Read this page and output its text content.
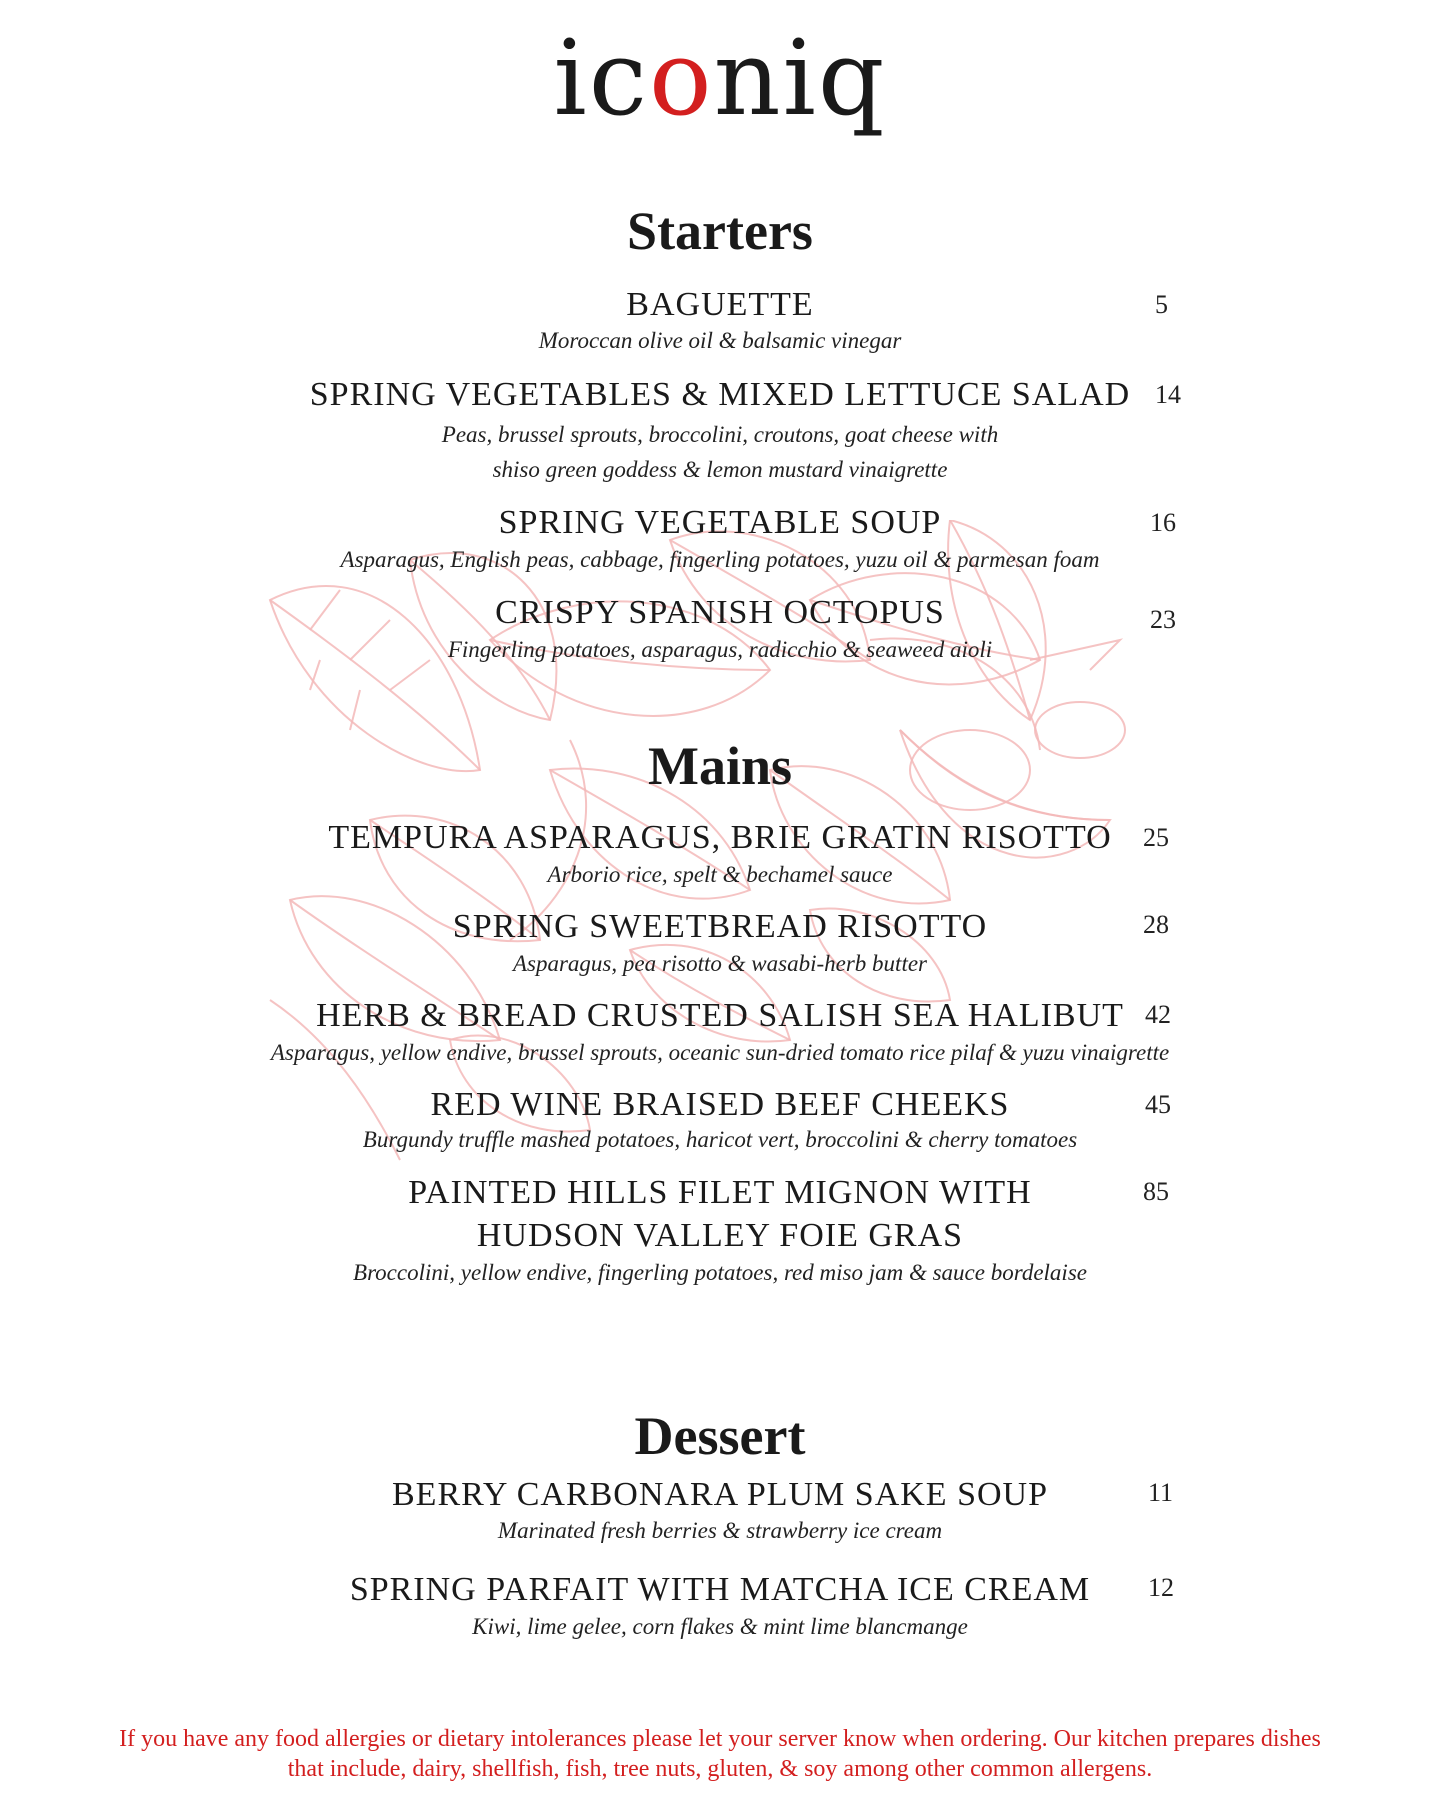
iconiq
Starters
BAGUETTE	5
Moroccan olive oil & balsamic vinegar
SPRING VEGETABLES & MIXED LETTUCE SALAD 14
Peas, brussel sprouts, broccolini, croutons, goat cheese with
shiso green goddess & lemon mustard vinaigrette
SPRING VEGETABLE SOUP	16
Asparagus, English peas, cabbage, fingerling potatoes, yuzu oil & parmesan foam
CRISPY SPANISH OCTOPUS	23
Fingerling potatoes, asparagus, radicchio & seaweed aioli
Mains
TEMPURA ASPARAGUS, BRIE GRATIN RISOTTO	25
Arborio rice, spelt & bechamel sauce
SPRING SWEETBREAD RISOTTO	28
Asparagus, pea risotto & wasabi-herb butter
HERB & BREAD CRUSTED SALISH SEA HALIBUT 42
Asparagus, yellow endive, brussel sprouts, oceanic sun-dried tomato rice pilaf & yuzu vinaigrette
RED WINE BRAISED BEEF CHEEKS	45
Burgundy truffle mashed potatoes, haricot vert, broccolini & cherry tomatoes
PAINTED HILLS FILET MIGNON WITH
HUDSON VALLEY FOIE GRAS
85
Broccolini, yellow endive, fingerling potatoes, red miso jam & sauce bordelaise
Dessert
BERRY CARBONARA PLUM SAKE SOUP	11
Marinated fresh berries & strawberry ice cream
SPRING PARFAIT WITH MATCHA ICE CREAM	12
Kiwi, lime gelee, corn flakes & mint lime blancmange
If you have any food allergies or dietary intolerances please let your server know when ordering. Our kitchen prepares dishes
that include, dairy, shellfish, fish, tree nuts, gluten, & soy among other common allergens.
